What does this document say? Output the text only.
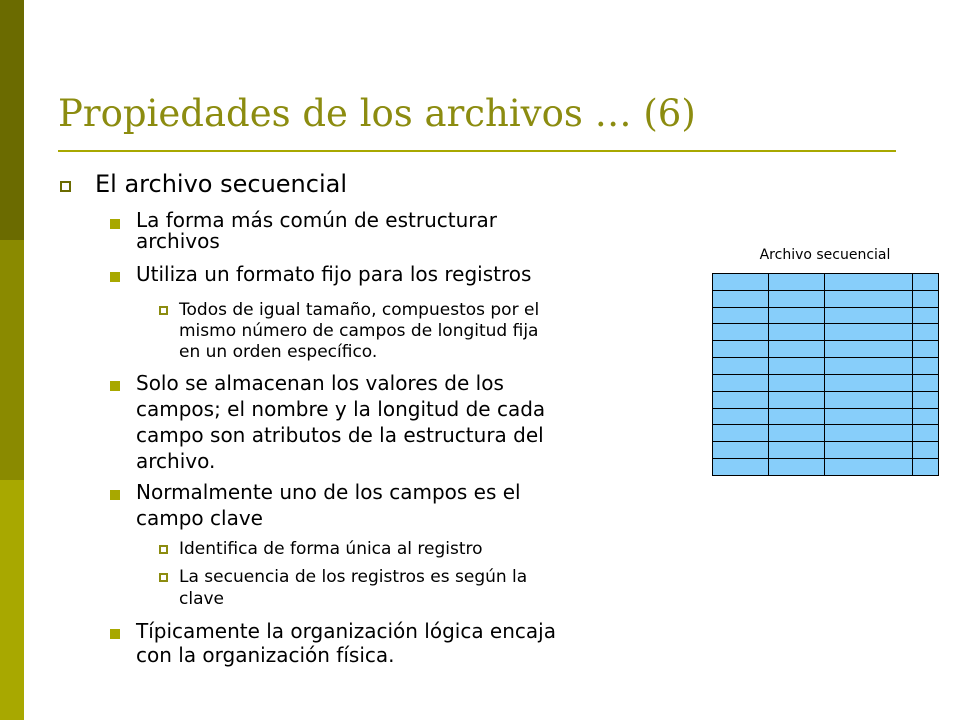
Propiedades de los archivos … (6)
El archivo secuencial
La forma más común de estructurar
archivos
Utiliza un formato fijo para los registros
Todos de igual tamaño, compuestos por el
mismo número de campos de longitud fija
en un orden específico.
Solo se almacenan los valores de los
campos; el nombre y la longitud de cada
campo son atributos de la estructura del
archivo.
Normalmente uno de los campos es el
campo clave
Identifica de forma única al registro
La secuencia de los registros es según la
clave
Típicamente la organización lógica encaja
con la organización física.
Archivo secuencial
